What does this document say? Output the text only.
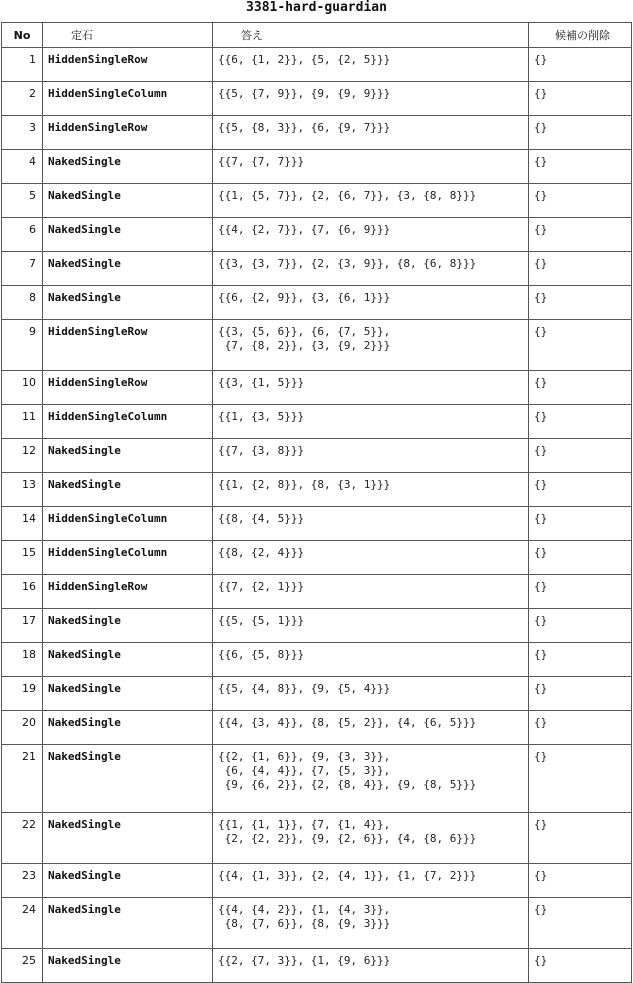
3381-hard-guardian
No	定石	答え	候補の削除
1	HiddenSingleRow	{{6, {1, 2}}, {5, {2, 5}}}	{}
2	HiddenSingleColumn	{{5, {7, 9}}, {9, {9, 9}}}	{}
3	HiddenSingleRow	{{5, {8, 3}}, {6, {9, 7}}}	{}
4	NakedSingle	{{7, {7, 7}}}	{}
5	NakedSingle	{{1, {5, 7}}, {2, {6, 7}}, {3, {8, 8}}}	{}
6	NakedSingle	{{4, {2, 7}}, {7, {6, 9}}}	{}
7	NakedSingle	{{3, {3, 7}}, {2, {3, 9}}, {8, {6, 8}}}	{}
8	NakedSingle	{{6, {2, 9}}, {3, {6, 1}}}	{}
9	HiddenSingleRow	{{3, {5, 6}}, {6, {7, 5}},
{7, {8, 2}}, {3, {9, 2}}}	{}
10	HiddenSingleRow	{{3, {1, 5}}}	{}
11	HiddenSingleColumn	{{1, {3, 5}}}	{}
12	NakedSingle	{{7, {3, 8}}}	{}
13	NakedSingle	{{1, {2, 8}}, {8, {3, 1}}}	{}
14	HiddenSingleColumn	{{8, {4, 5}}}	{}
15	HiddenSingleColumn	{{8, {2, 4}}}	{}
16	HiddenSingleRow	{{7, {2, 1}}}	{}
17	NakedSingle	{{5, {5, 1}}}	{}
18	NakedSingle	{{6, {5, 8}}}	{}
19	NakedSingle	{{5, {4, 8}}, {9, {5, 4}}}	{}
20	NakedSingle	{{4, {3, 4}}, {8, {5, 2}}, {4, {6, 5}}}	{}
21	NakedSingle	{{2, {1, 6}}, {9, {3, 3}},
{6, {4, 4}}, {7, {5, 3}},
{9, {6, 2}}, {2, {8, 4}}, {9, {8, 5}}}	{}
22	NakedSingle	{{1, {1, 1}}, {7, {1, 4}},
{2, {2, 2}}, {9, {2, 6}}, {4, {8, 6}}}	{}
23	NakedSingle	{{4, {1, 3}}, {2, {4, 1}}, {1, {7, 2}}}	{}
24	NakedSingle	{{4, {4, 2}}, {1, {4, 3}},
{8, {7, 6}}, {8, {9, 3}}}	{}
25	NakedSingle	{{2, {7, 3}}, {1, {9, 6}}}	{}
